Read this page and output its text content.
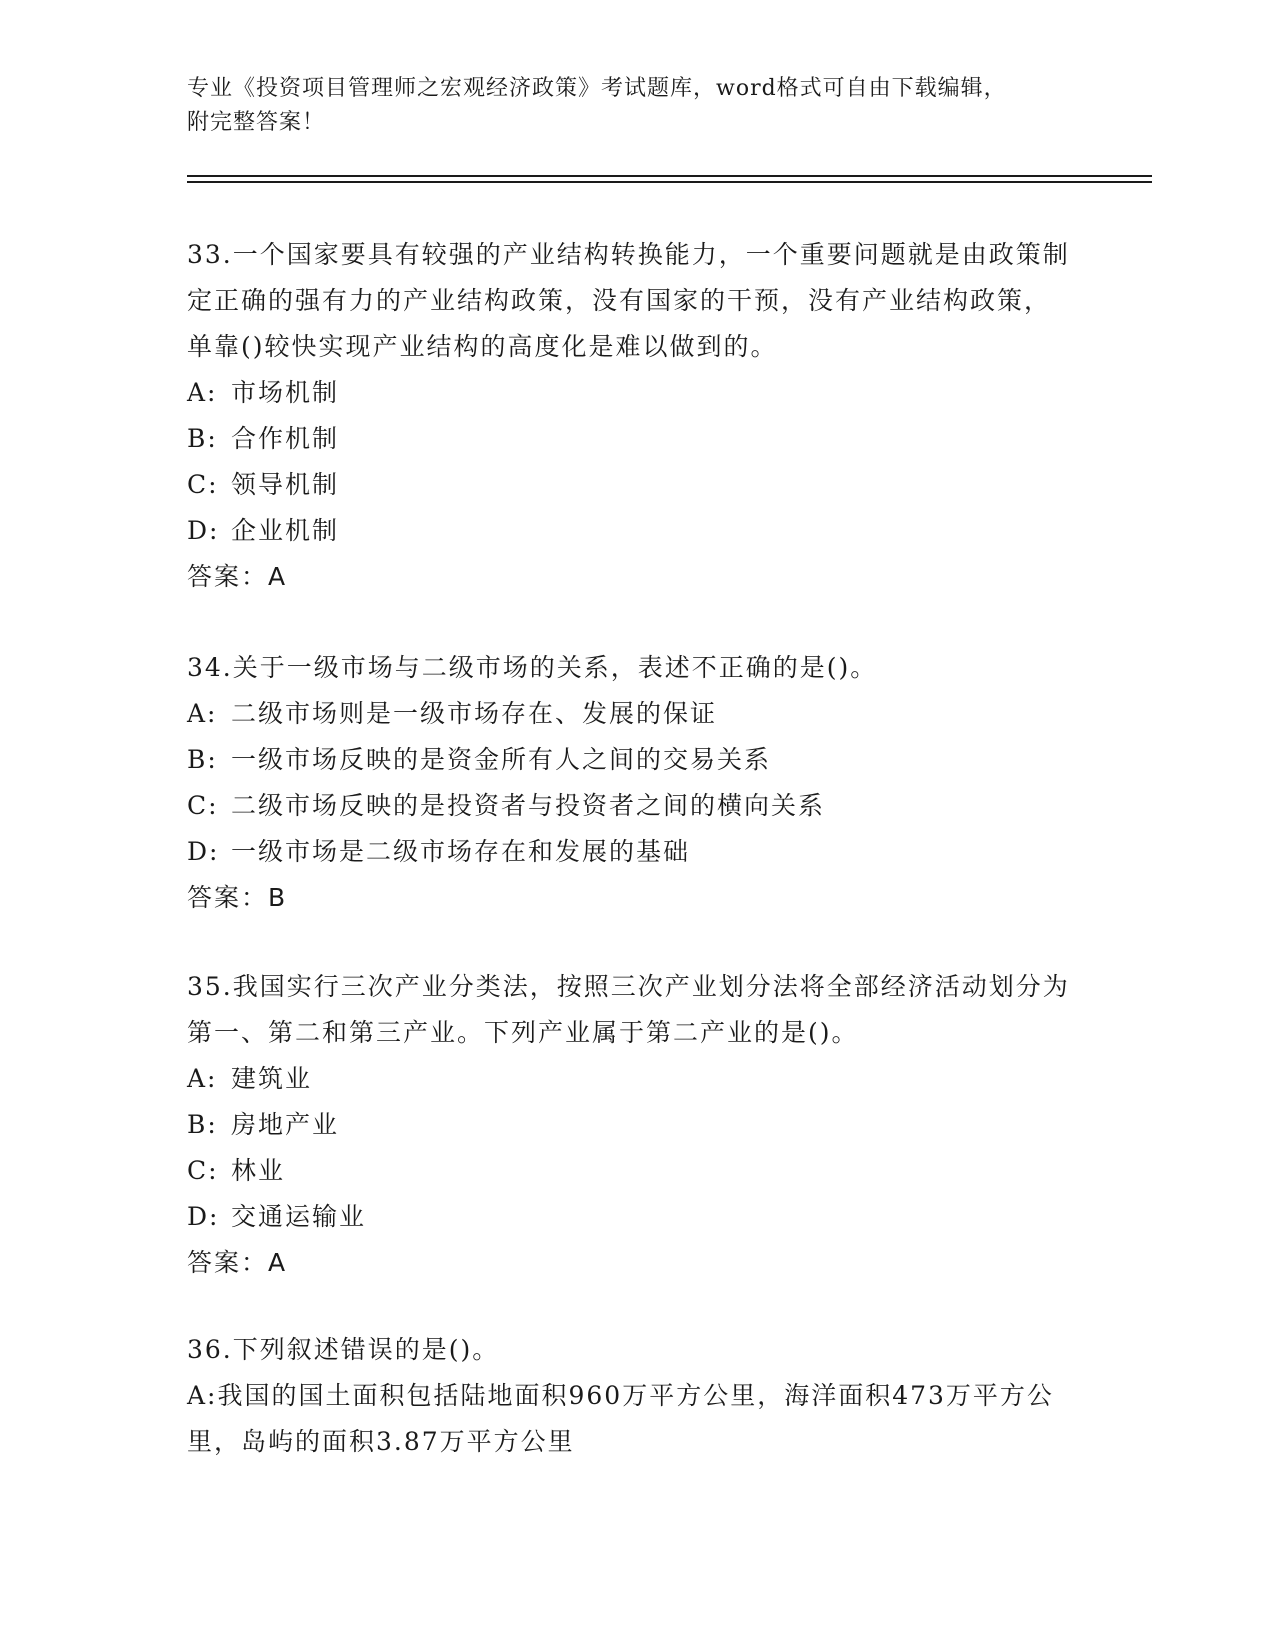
专业《投资项目管理师之宏观经济政策》考试题库，word格式可自由下载编辑，
附完整答案！
33.一个国家要具有较强的产业结构转换能力，一个重要问题就是由政策制定正确的强有力的产业结构政策，没有国家的干预，没有产业结构政策，单靠()较快实现产业结构的高度化是难以做到的。
A: 市场机制
B: 合作机制
C: 领导机制
D: 企业机制
答案：A
34.关于一级市场与二级市场的关系，表述不正确的是()。
A: 二级市场则是一级市场存在、发展的保证
B: 一级市场反映的是资金所有人之间的交易关系
C: 二级市场反映的是投资者与投资者之间的横向关系
D: 一级市场是二级市场存在和发展的基础
答案：B
35.我国实行三次产业分类法，按照三次产业划分法将全部经济活动划分为第一、第二和第三产业。下列产业属于第二产业的是()。
A: 建筑业
B: 房地产业
C: 林业
D: 交通运输业
答案：A
36.下列叙述错误的是()。
A:我国的国土面积包括陆地面积960万平方公里，海洋面积473万平方公里，岛屿的面积3.87万平方公里
